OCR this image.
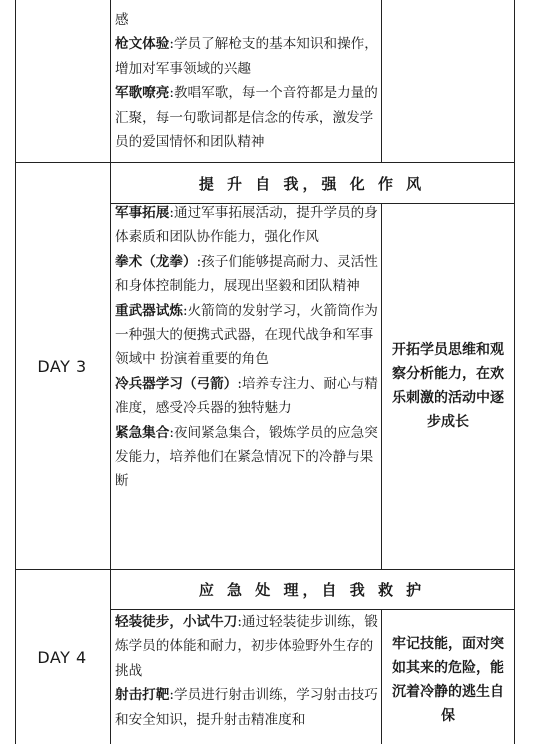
感

枪文体验:学员了解枪支的基本知识和操作，增加对军事领域的兴趣

军歌嘹亮:教唱军歌，每一个音符都是力量的汇聚，每一句歌词都是信念的传承，激发学员的爱国情怀和团队精神

提 升 自 我，强 化 作 风
DAY 3

军事拓展:通过军事拓展活动，提升学员的身体素质和团队协作能力，强化作风

拳术（龙拳）:孩子们能够提高耐力、灵活性 和身体控制能力，展现出坚毅和团队精神

重武器试炼:火箭筒的发射学习，火箭筒作为 一种强大的便携式武器，在现代战争和军事领域中 扮演着重要的角色

冷兵器学习（弓箭）:培养专注力、耐心与精准度，感受冷兵器的独特魅力

紧急集合:夜间紧急集合，锻炼学员的应急突发能力，培养他们在紧急情况下的冷静与果断

开拓学员思维和观察分析能力，在欢乐刺激的活动中逐步成长
应 急 处 理，自 我 救 护
DAY 4

轻装徒步，小试牛刀:通过轻装徒步训练，锻炼学员的体能和耐力，初步体验野外生存的挑战

射击打靶:学员进行射击训练，学习射击技巧和安全知识，提升射击精准度和

牢记技能，面对突如其来的危险，能沉着冷静的逃生自保
